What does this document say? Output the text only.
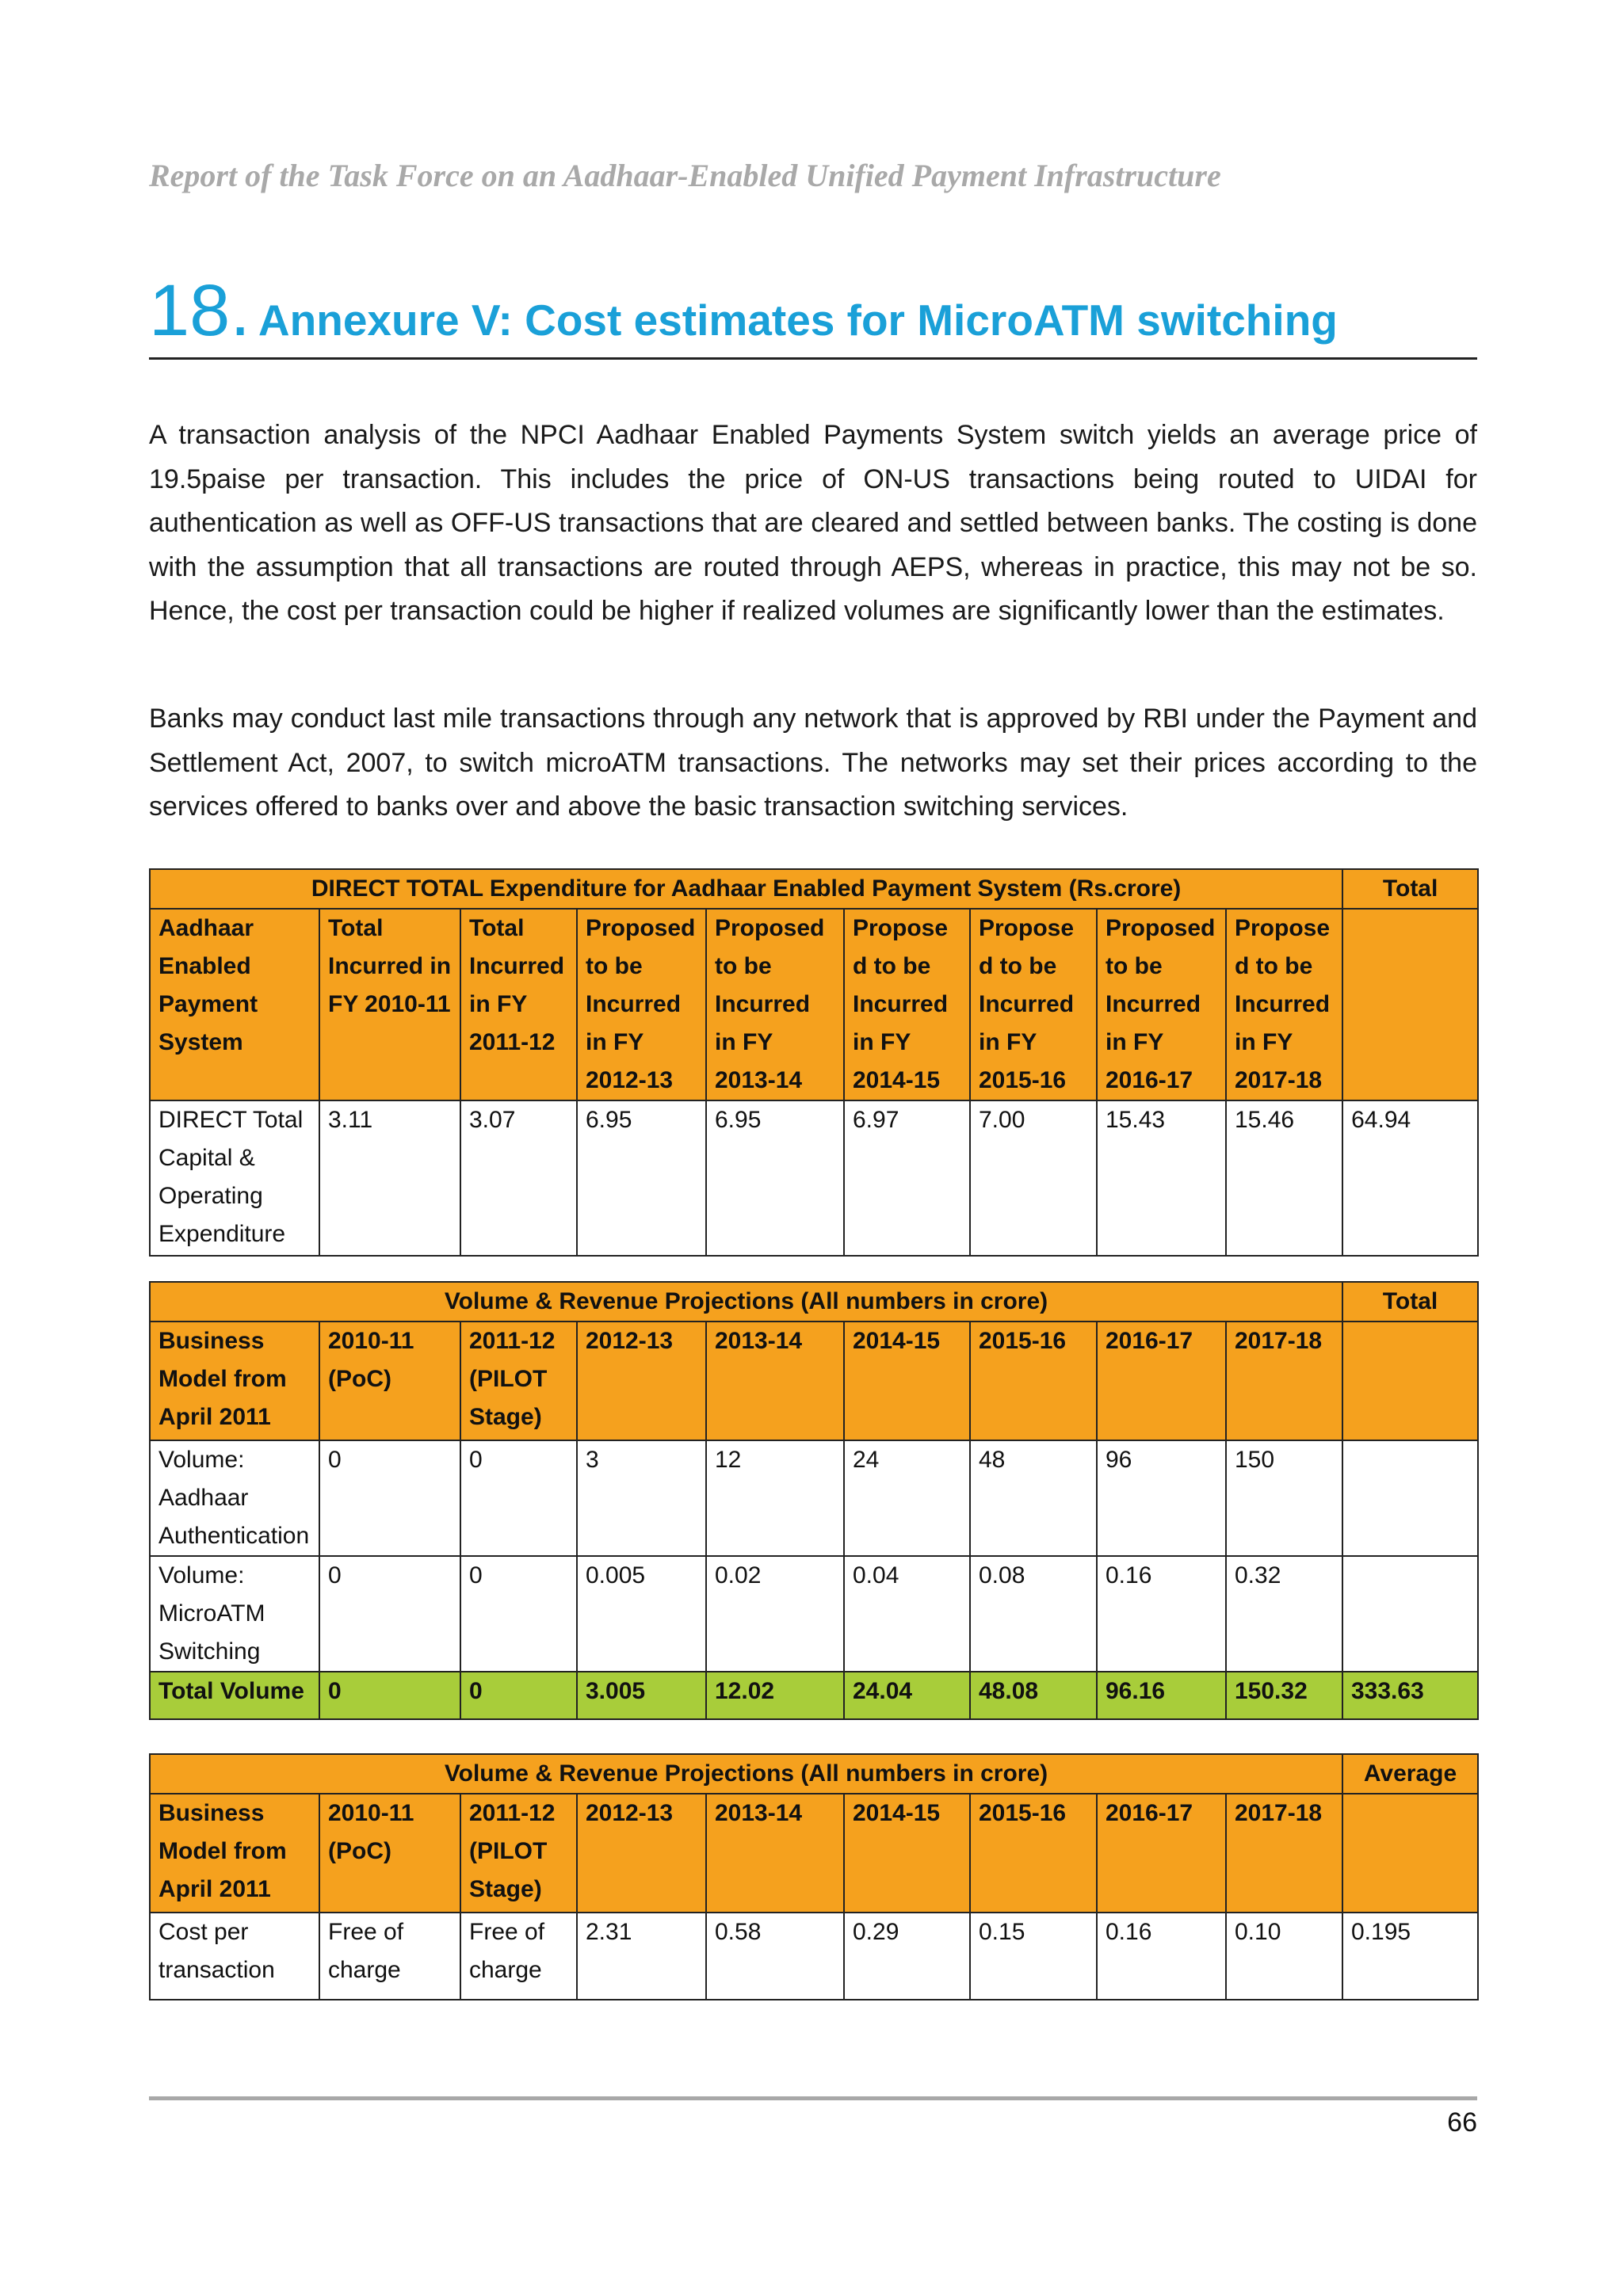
Report of the Task Force on an Aadhaar-Enabled Unified Payment Infrastructure
18. Annexure V: Cost estimates for MicroATM switching

A transaction analysis of the NPCI Aadhaar Enabled Payments System switch yields an average price of 19.5paise per transaction. This includes the price of ON-US transactions being routed to UIDAI for authentication as well as OFF-US transactions that are cleared and settled between banks. The costing is done with the assumption that all transactions are routed through AEPS, whereas in practice, this may not be so. Hence, the cost per transaction could be higher if realized volumes are significantly lower than the estimates.

Banks may conduct last mile transactions through any network that is approved by RBI under the Payment and Settlement Act, 2007, to switch microATM transactions. The networks may set their prices according to the services offered to banks over and above the basic transaction switching services.

DIRECT TOTAL Expenditure for Aadhaar Enabled Payment System (Rs.crore)									Total
Aadhaar Enabled Payment System	Total Incurred in FY 2010-11	Total Incurred in FY 2011-12	Proposed to be Incurred in FY 2012-13	Proposed to be Incurred in FY 2013-14	Proposed to be Incurred in FY 2014-15	Proposed to be Incurred in FY 2015-16	Proposed to be Incurred in FY 2016-17	Proposed to be Incurred in FY 2017-18	
DIRECT Total Capital & Operating Expenditure	3.11	3.07	6.95	6.95	6.97	7.00	15.43	15.46	64.94
Volume & Revenue Projections (All numbers in crore)									Total
Business Model from April 2011	2010-11 (PoC)	2011-12 (PILOT Stage)	2012-13	2013-14	2014-15	2015-16	2016-17	2017-18	
Volume: Aadhaar Authentication	0	0	3	12	24	48	96	150	
Volume: MicroATM Switching	0	0	0.005	0.02	0.04	0.08	0.16	0.32	
Total Volume	0	0	3.005	12.02	24.04	48.08	96.16	150.32	333.63
Volume & Revenue Projections (All numbers in crore)									Average
Business Model from April 2011	2010-11 (PoC)	2011-12 (PILOT Stage)	2012-13	2013-14	2014-15	2015-16	2016-17	2017-18	
Cost per transaction	Free of charge	Free of charge	2.31	0.58	0.29	0.15	0.16	0.10	0.195
66
